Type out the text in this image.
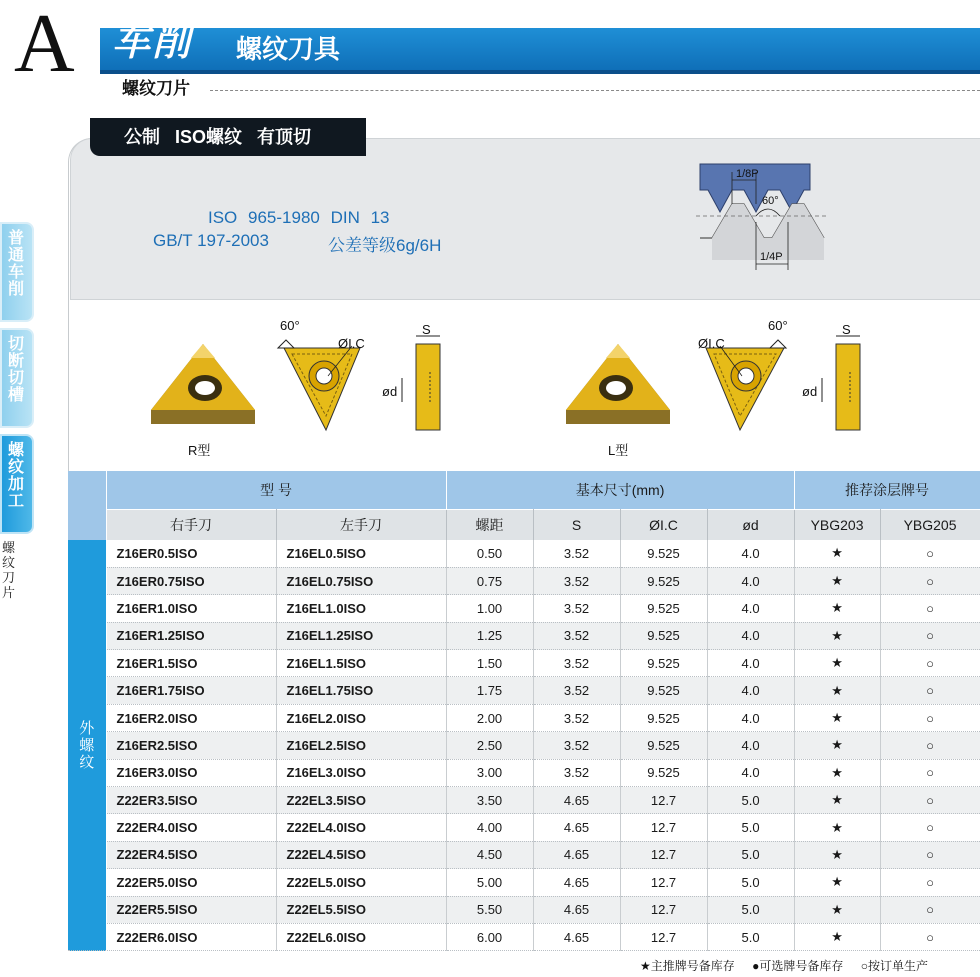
A 车削 螺纹刀具
螺纹刀片
普通车削
切断切槽
螺纹加工
螺纹刀片
公制 ISO螺纹 有顶切
ISO 965-1980 DIN 13
GB/T 197-2003	公差等级6g/6H
1/8P
60°
1/4P
R型
60°
ØI.C
S
ød
L型
ØI.C
60°	S
ød
	型 号		基本尺寸(mm)				推荐涂层牌号	
	右手刀	左手刀	螺距	S	ØI.C	ød	YBG203	YBG205
外螺纹	Z16ER0.5ISO	Z16EL0.5ISO	0.50	3.52	9.525	4.0	★	○
	Z16ER0.75ISO	Z16EL0.75ISO	0.75	3.52	9.525	4.0	★	○
	Z16ER1.0ISO	Z16EL1.0ISO	1.00	3.52	9.525	4.0	★	○
	Z16ER1.25ISO	Z16EL1.25ISO	1.25	3.52	9.525	4.0	★	○
	Z16ER1.5ISO	Z16EL1.5ISO	1.50	3.52	9.525	4.0	★	○
	Z16ER1.75ISO	Z16EL1.75ISO	1.75	3.52	9.525	4.0	★	○
	Z16ER2.0ISO	Z16EL2.0ISO	2.00	3.52	9.525	4.0	★	○
	Z16ER2.5ISO	Z16EL2.5ISO	2.50	3.52	9.525	4.0	★	○
	Z16ER3.0ISO	Z16EL3.0ISO	3.00	3.52	9.525	4.0	★	○
	Z22ER3.5ISO	Z22EL3.5ISO	3.50	4.65	12.7	5.0	★	○
	Z22ER4.0ISO	Z22EL4.0ISO	4.00	4.65	12.7	5.0	★	○
	Z22ER4.5ISO	Z22EL4.5ISO	4.50	4.65	12.7	5.0	★	○
	Z22ER5.0ISO	Z22EL5.0ISO	5.00	4.65	12.7	5.0	★	○
	Z22ER5.5ISO	Z22EL5.5ISO	5.50	4.65	12.7	5.0	★	○
	Z22ER6.0ISO	Z22EL6.0ISO	6.00	4.65	12.7	5.0	★	○
★主推牌号备库存 ●可选牌号备库存 ○按订单生产
